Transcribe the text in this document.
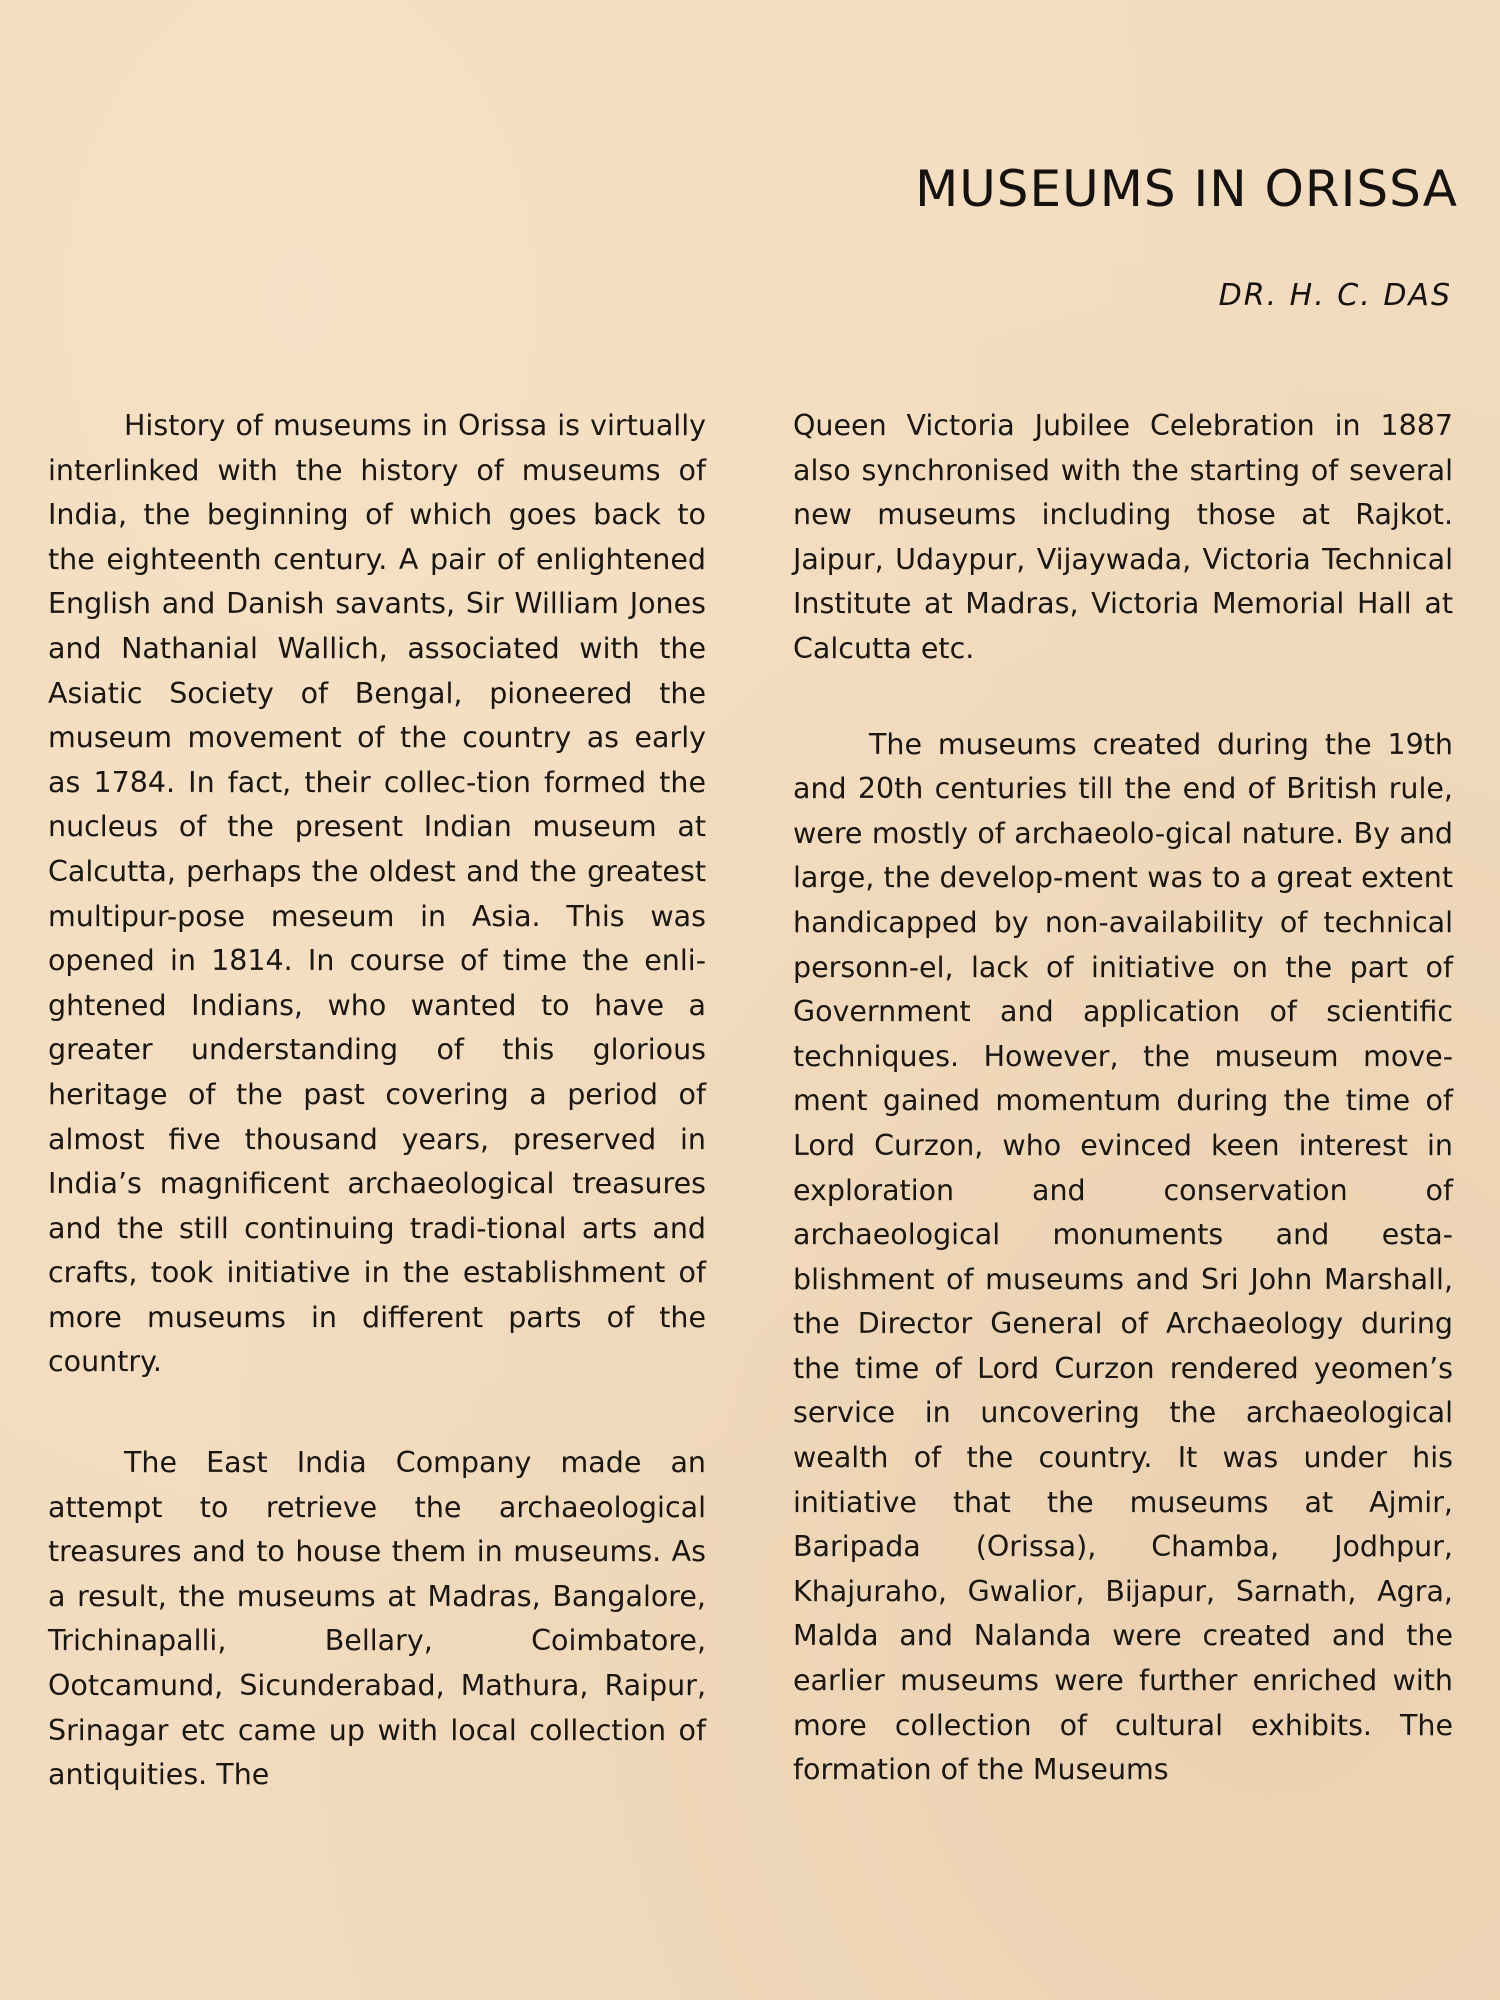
MUSEUMS IN ORISSA

DR. H. C. DAS

History of museums in Orissa is virtually interlinked with the history of museums of India, the beginning of which goes back to the eighteenth century. A pair of enlightened English and Danish savants, Sir William Jones and Nathanial Wallich, associated with the Asiatic Society of Bengal, pioneered the museum movement of the country as early as 1784. In fact, their collec-tion formed the nucleus of the present Indian museum at Calcutta, perhaps the oldest and the greatest multipur-pose meseum in Asia. This was opened in 1814. In course of time the enli-ghtened Indians, who wanted to have a greater understanding of this glorious heritage of the past covering a period of almost five thousand years, preserved in India’s magnificent archaeological treasures and the still continuing tradi-tional arts and crafts, took initiative in the establishment of more museums in different parts of the country.

The East India Company made an attempt to retrieve the archaeological treasures and to house them in museums. As a result, the museums at Madras, Bangalore, Trichinapalli, Bellary, Coimbatore, Ootcamund, Sicunderabad, Mathura, Raipur, Srinagar etc came up with local collection of antiquities. The

Queen Victoria Jubilee Celebration in 1887 also synchronised with the starting of several new museums including those at Rajkot. Jaipur, Udaypur, Vijaywada, Victoria Technical Institute at Madras, Victoria Memorial Hall at Calcutta etc.

The museums created during the 19th and 20th centuries till the end of British rule, were mostly of archaeolo-gical nature. By and large, the develop-ment was to a great extent handicapped by non-availability of technical personn-el, lack of initiative on the part of Government and application of scientific techniques. However, the museum move-ment gained momentum during the time of Lord Curzon, who evinced keen interest in exploration and conservation of archaeological monuments and esta-blishment of museums and Sri John Marshall, the Director General of Archaeology during the time of Lord Curzon rendered yeomen’s service in uncovering the archaeological wealth of the country. It was under his initiative that the museums at Ajmir, Baripada (Orissa), Chamba, Jodhpur, Khajuraho, Gwalior, Bijapur, Sarnath, Agra, Malda and Nalanda were created and the earlier museums were further enriched with more collection of cultural exhibits. The formation of the Museums
